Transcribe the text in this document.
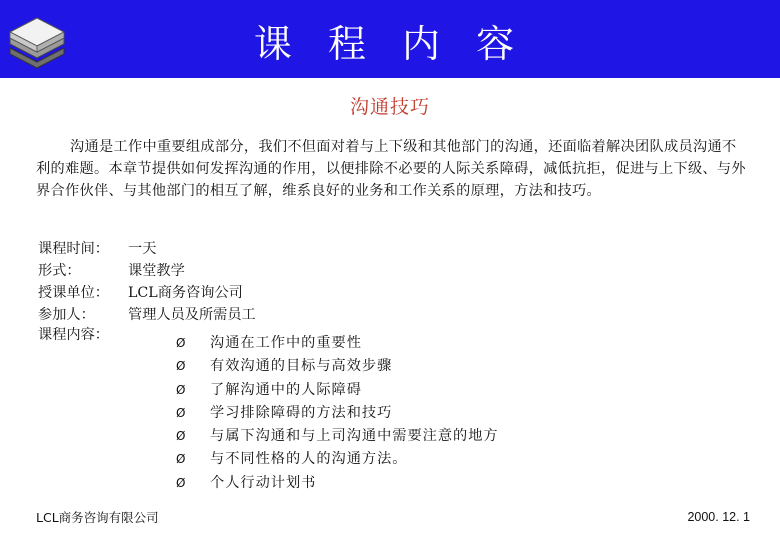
课 程 内 容
沟通技巧
沟通是工作中重要组成部分，我们不但面对着与上下级和其他部门的沟通，还面临着解决团队成员沟通不利的难题。本章节提供如何发挥沟通的作用，以便排除不必要的人际关系障碍，减低抗拒，促进与上下级、与外界合作伙伴、与其他部门的相互了解，维系良好的业务和工作关系的原理，方法和技巧。
课程时间： 一天
形式：	课堂教学
授课单位： LCL商务咨询公司
参加人： 管理人员及所需员工
课程内容：	Ø 沟通在工作中的重要性
Ø 有效沟通的目标与高效步骤
Ø 了解沟通中的人际障碍
Ø 学习排除障碍的方法和技巧
Ø 与属下沟通和与上司沟通中需要注意的地方
Ø 与不同性格的人的沟通方法。
Ø 个人行动计划书
LCL商务咨询有限公司	2000. 12. 1
